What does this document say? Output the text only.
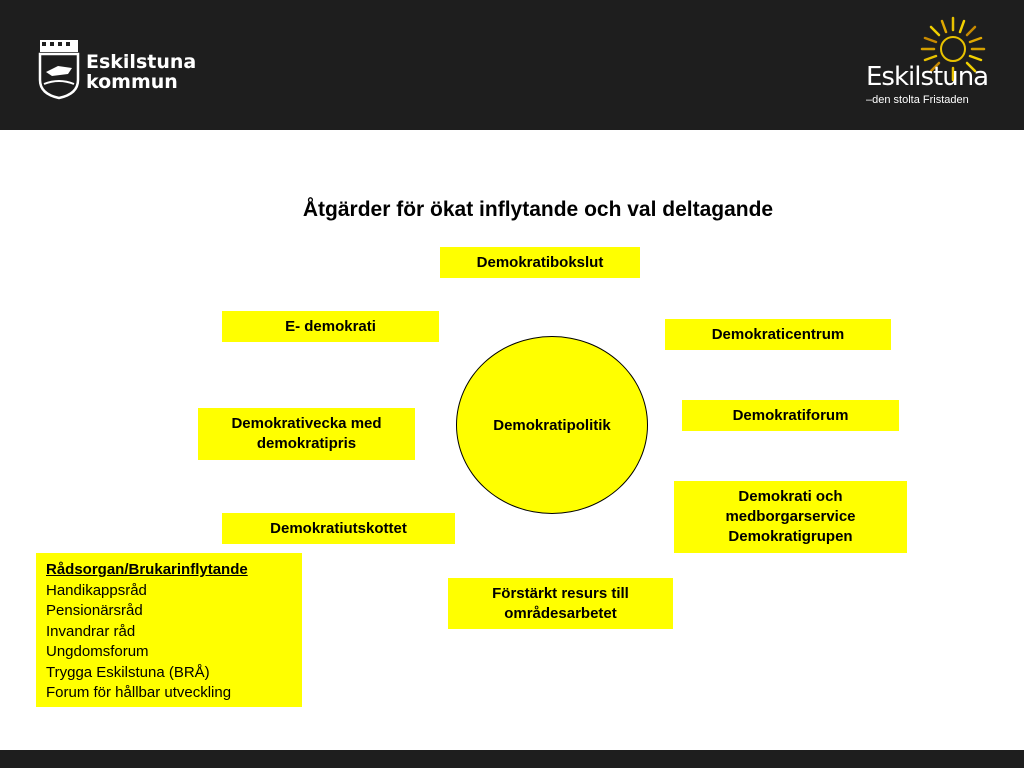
Eskilstuna
kommun	Eskilstuna
–den stolta Fristaden
Åtgärder för ökat inflytande och val deltagande
Demokratibokslut
E- demokrati	Demokraticentrum
Demokrativecka med
demokratipris
Demokratiforum
Demokratipolitik
Demokrati och
medborgarservice
Demokratigrupen
Demokratiutskottet
Förstärkt resurs till
områdesarbetet
Rådsorgan/Brukarinflytande
Handikappsråd
Pensionärsråd
Invandrar råd
Ungdomsforum
Trygga Eskilstuna (BRÅ)
Forum för hållbar utveckling
